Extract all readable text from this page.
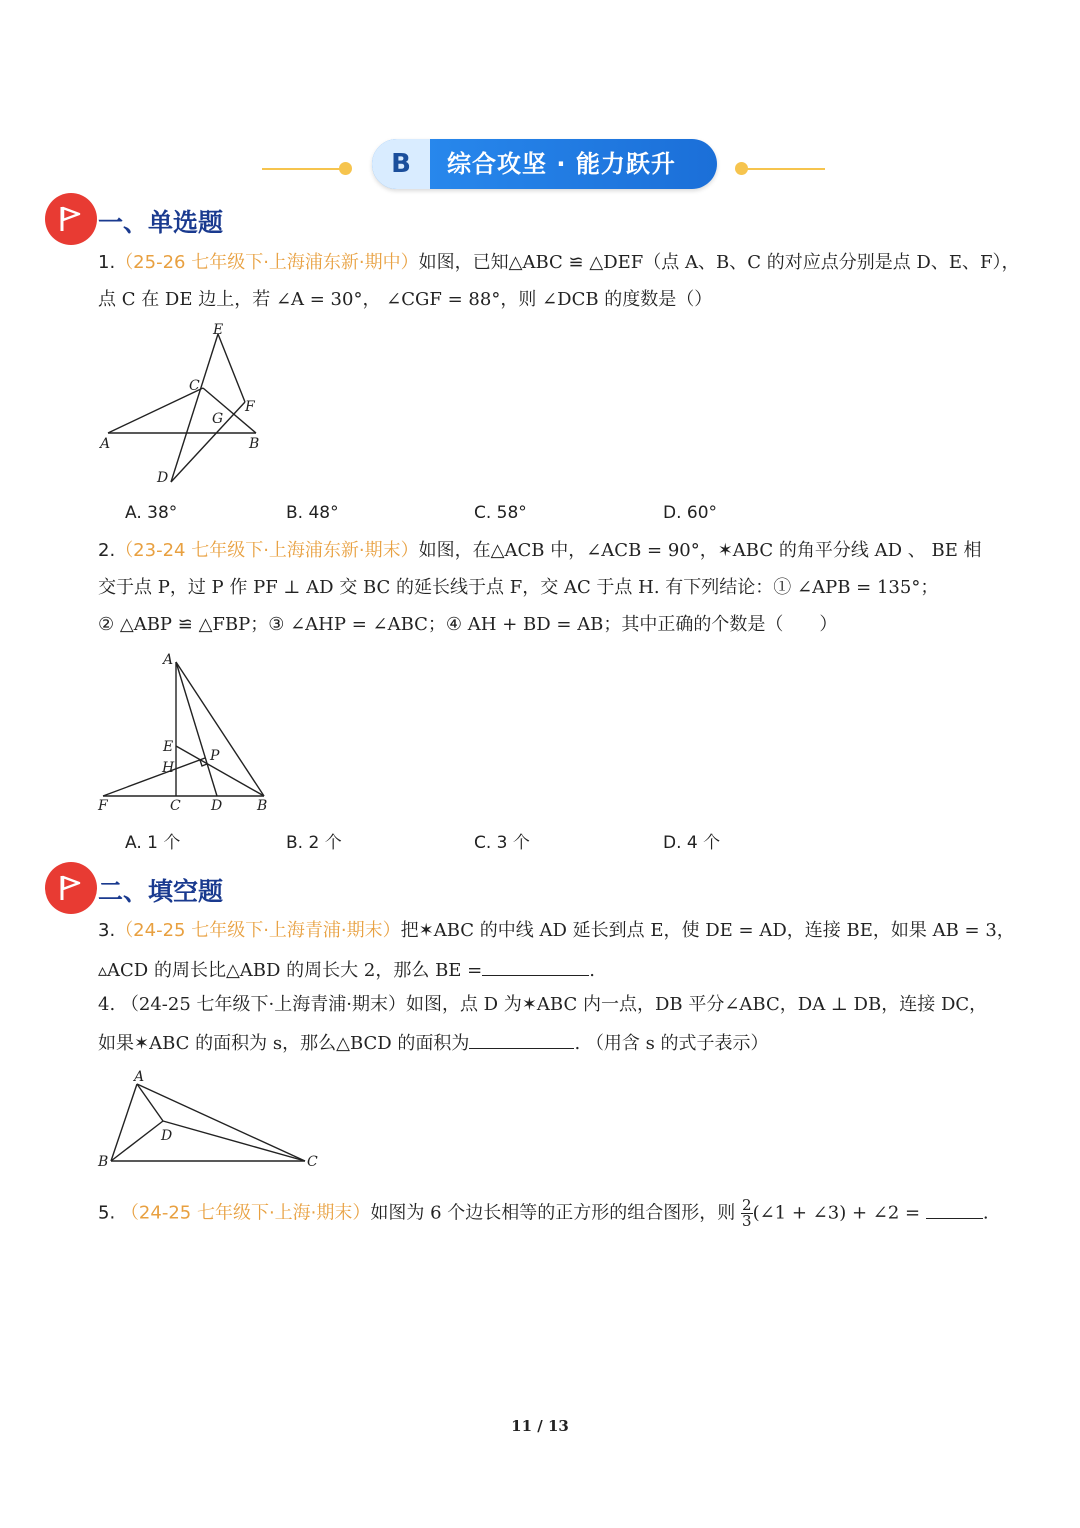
B	综合攻坚 · 能力跃升
一、单选题
1.（25-26 七年级下·上海浦东新·期中）如图，已知△ABC ≌ △DEF（点 A、B、C 的对应点分别是点 D、E、F），
点 C 在 DE 边上，若 ∠A = 30°， ∠CGF = 88°，则 ∠DCB 的度数是（）
E
C
F
G
A	B
D
A. 38°	B. 48°	C. 58°	D. 60°
2.（23-24 七年级下·上海浦东新·期末）如图，在△ACB 中，∠ACB = 90°，✶ABC 的角平分线 AD 、 BE 相
交于点 P，过 P 作 PF ⊥ AD 交 BC 的延长线于点 F，交 AC 于点 H. 有下列结论：① ∠APB = 135°；
② △ABP ≌ △FBP；③ ∠AHP = ∠ABC；④ AH + BD = AB；其中正确的个数是（　　）
A
E
P
H
F	C D B
A. 1 个	B. 2 个	C. 3 个	D. 4 个
二、填空题
3.（24-25 七年级下·上海青浦·期末）把✶ABC 的中线 AD 延长到点 E，使 DE = AD，连接 BE，如果 AB = 3，
▵ACD 的周长比△ABD 的周长大 2，那么 BE =	.
4. （24-25 七年级下·上海青浦·期末）如图，点 D 为✶ABC 内一点，DB 平分∠ABC，DA ⊥ DB，连接 DC，
如果✶ABC 的面积为 s，那么△BCD 的面积为	. （用含 s 的式子表示）
A
D
B	C
5. （24-25 七年级下·上海·期末）如图为 6 个边长相等的正方形的组合图形，则 $\frac{2}{3}$ (∠1 + ∠3) + ∠2 =	.
11 / 13
